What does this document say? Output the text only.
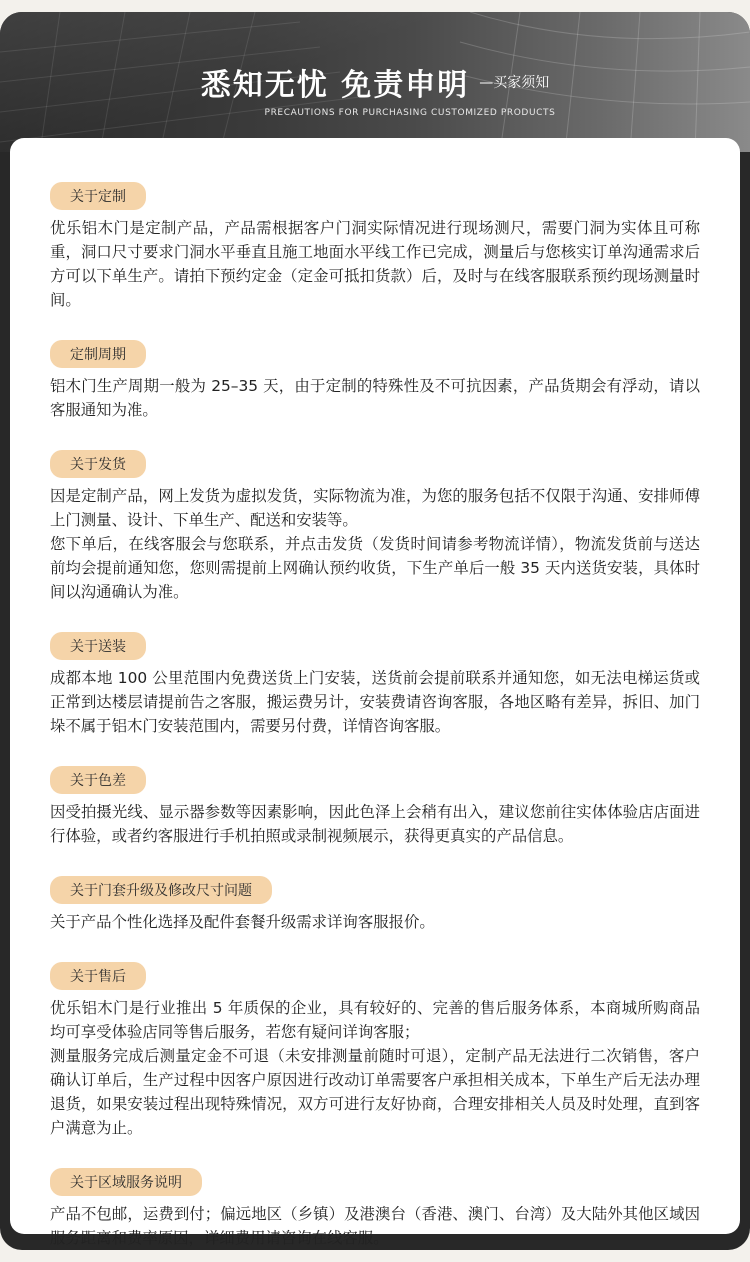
悉知无忧 免责申明 —买家须知
PRECAUTIONS FOR PURCHASING CUSTOMIZED PRODUCTS
关于定制

优乐铝木门是定制产品，产品需根据客户门洞实际情况进行现场测尺，需要门洞为实体且可称重，洞口尺寸要求门洞水平垂直且施工地面水平线工作已完成，测量后与您核实订单沟通需求后方可以下单生产。请拍下预约定金（定金可抵扣货款）后，及时与在线客服联系预约现场测量时间。

定制周期

铝木门生产周期一般为 25–35 天，由于定制的特殊性及不可抗因素，产品货期会有浮动，请以客服通知为准。

关于发货

因是定制产品，网上发货为虚拟发货，实际物流为准，为您的服务包括不仅限于沟通、安排师傅上门测量、设计、下单生产、配送和安装等。

您下单后，在线客服会与您联系，并点击发货（发货时间请参考物流详情），物流发货前与送达前均会提前通知您，您则需提前上网确认预约收货，下生产单后一般 35 天内送货安装，具体时间以沟通确认为准。

关于送装

成都本地 100 公里范围内免费送货上门安装，送货前会提前联系并通知您，如无法电梯运货或正常到达楼层请提前告之客服，搬运费另计，安装费请咨询客服，各地区略有差异，拆旧、加门垛不属于铝木门安装范围内，需要另付费，详情咨询客服。

关于色差

因受拍摄光线、显示器参数等因素影响，因此色泽上会稍有出入，建议您前往实体体验店店面进行体验，或者约客服进行手机拍照或录制视频展示，获得更真实的产品信息。

关于门套升级及修改尺寸问题

关于产品个性化选择及配件套餐升级需求详询客服报价。

关于售后

优乐铝木门是行业推出 5 年质保的企业，具有较好的、完善的售后服务体系，本商城所购商品均可享受体验店同等售后服务，若您有疑问详询客服；

测量服务完成后测量定金不可退（未安排测量前随时可退），定制产品无法进行二次销售，客户确认订单后，生产过程中因客户原因进行改动订单需要客户承担相关成本，下单生产后无法办理退货，如果安装过程出现特殊情况，双方可进行友好协商，合理安排相关人员及时处理，直到客户满意为止。

关于区域服务说明

产品不包邮，运费到付；偏远地区（乡镇）及港澳台（香港、澳门、台湾）及大陆外其他区域因服务距离和费率原因，详细费用请咨询在线客服。
